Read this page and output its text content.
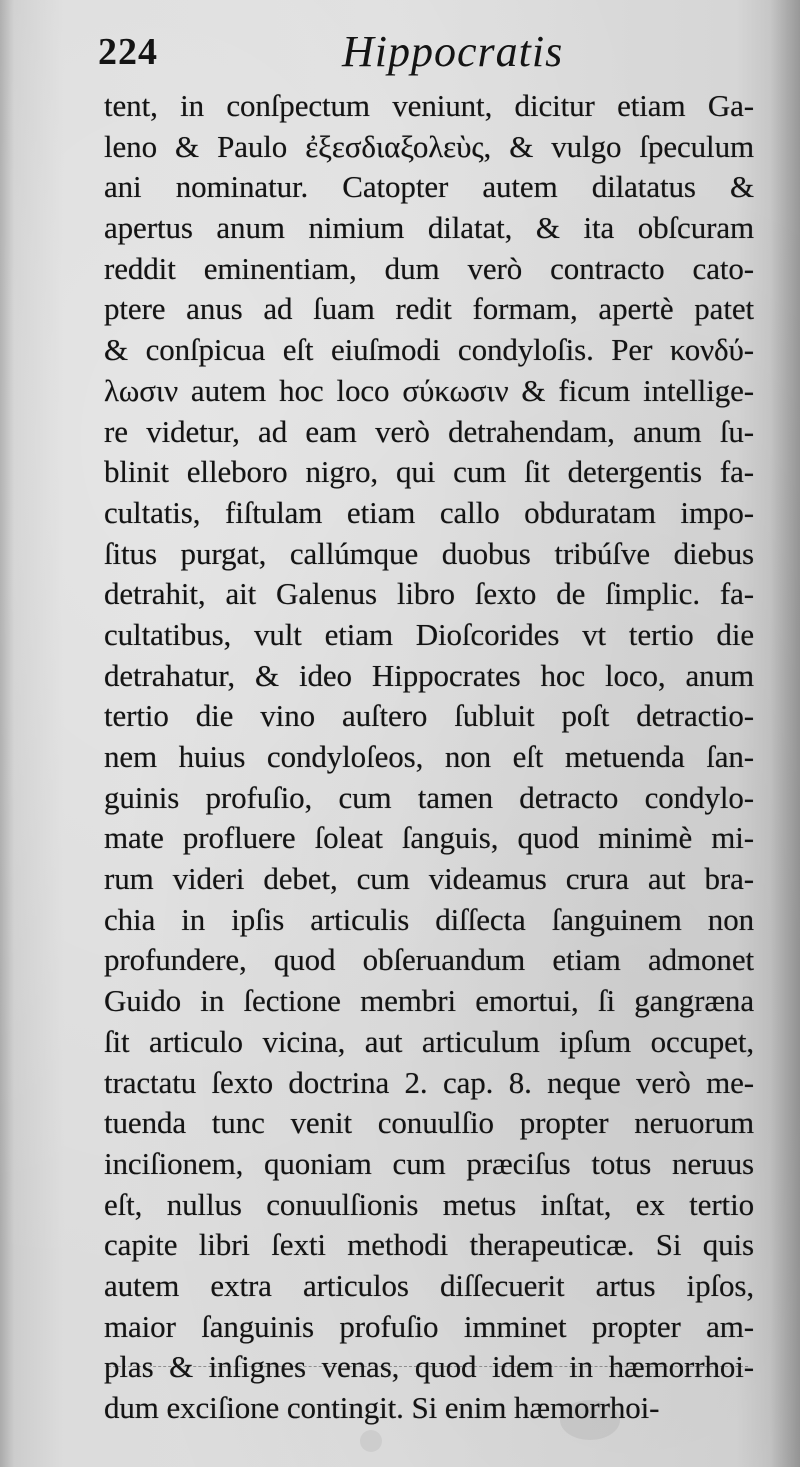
224	Hippocratis
tent, in conſpectum veniunt, dicitur etiam Ga-
leno & Paulo ἐξεσδιαξολεὺς, & vulgo ſpeculum
ani nominatur. Catopter autem dilatatus &
apertus anum nimium dilatat, & ita obſcuram
reddit eminentiam, dum verò contracto cato-
ptere anus ad ſuam redit formam, apertè patet
& conſpicua eſt eiuſmodi condyloſis. Per κονδύ-
λωσιν autem hoc loco σύκωσιν & ficum intellige-
re videtur, ad eam verò detrahendam, anum ſu-
blinit elleboro nigro, qui cum ſit detergentis fa-
cultatis, fiſtulam etiam callo obduratam impo-
ſitus purgat, callúmque duobus tribúſve diebus
detrahit, ait Galenus libro ſexto de ſimplic. fa-
cultatibus, vult etiam Dioſcorides vt tertio die
detrahatur, & ideo Hippocrates hoc loco, anum
tertio die vino auſtero ſubluit poſt detractio-
nem huius condyloſeos, non eſt metuenda ſan-
guinis profuſio, cum tamen detracto condylo-
mate profluere ſoleat ſanguis, quod minimè mi-
rum videri debet, cum videamus crura aut bra-
chia in ipſis articulis diſſecta ſanguinem non
profundere, quod obſeruandum etiam admonet
Guido in ſectione membri emortui, ſi gangræna
ſit articulo vicina, aut articulum ipſum occupet,
tractatu ſexto doctrina 2. cap. 8. neque verò me-
tuenda tunc venit conuulſio propter neruorum
inciſionem, quoniam cum præciſus totus neruus
eſt, nullus conuulſionis metus inſtat, ex tertio
capite libri ſexti methodi therapeuticæ. Si quis
autem extra articulos diſſecuerit artus ipſos,
maior ſanguinis profuſio imminet propter am-
plas & inſignes venas, quod idem in hæmorrhoi-
dum exciſione contingit. Si enim hæmorrhoi-
